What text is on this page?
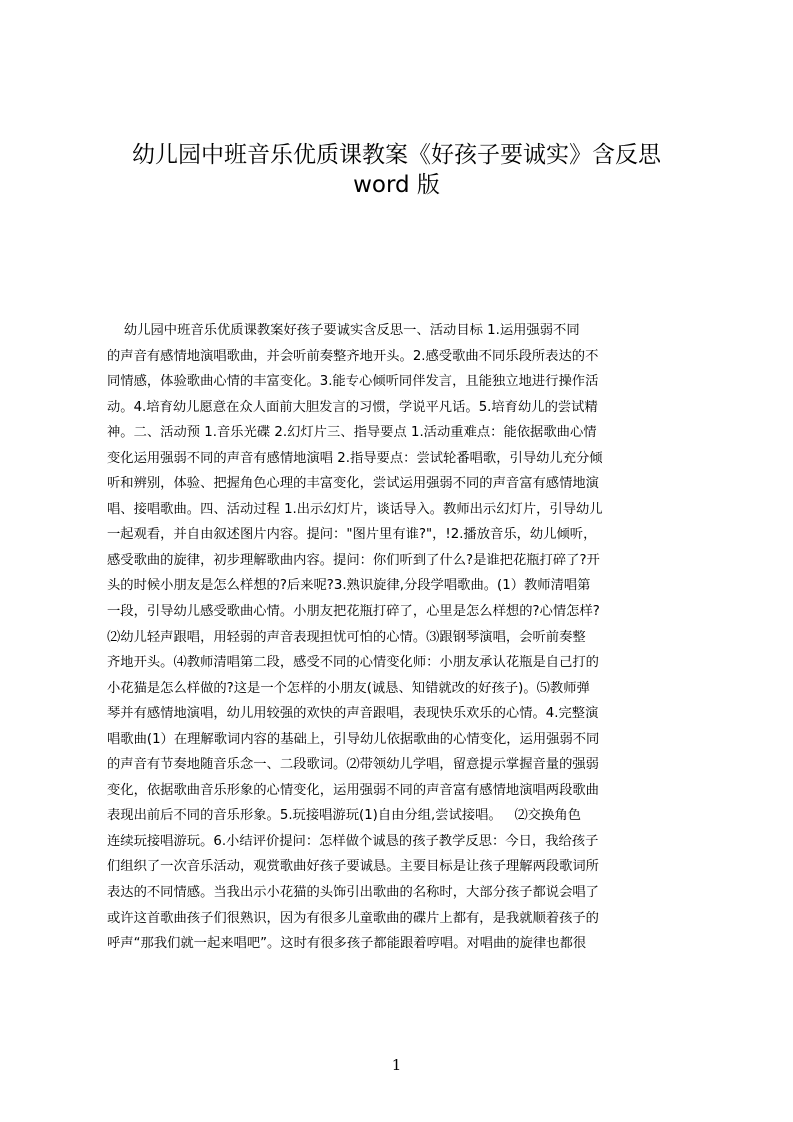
幼儿园中班音乐优质课教案《好孩子要诚实》含反思
word 版
幼儿园中班音乐优质课教案好孩子要诚实含反思一、活动目标 1.运用强弱不同
的声音有感情地演唱歌曲，并会听前奏整齐地开头。2.感受歌曲不同乐段所表达的不
同情感，体验歌曲心情的丰富变化。3.能专心倾听同伴发言，且能独立地进行操作活
动。4.培育幼儿愿意在众人面前大胆发言的习惯，学说平凡话。5.培育幼儿的尝试精
神。二、活动预 1.音乐光碟 2.幻灯片三、指导要点 1.活动重难点：能依据歌曲心情
变化运用强弱不同的声音有感情地演唱 2.指导要点：尝试轮番唱歌，引导幼儿充分倾
听和辨别，体验、把握角色心理的丰富变化，尝试运用强弱不同的声音富有感情地演
唱、接唱歌曲。四、活动过程 1.出示幻灯片，谈话导入。教师出示幻灯片，引导幼儿
一起观看，并自由叙述图片内容。提问："图片里有谁?"，!2.播放音乐，幼儿倾听，
感受歌曲的旋律，初步理解歌曲内容。提问：你们听到了什么?是谁把花瓶打碎了?开
头的时候小朋友是怎么样想的?后来呢?3.熟识旋律,分段学唱歌曲。(1）教师清唱第
一段，引导幼儿感受歌曲心情。小朋友把花瓶打碎了，心里是怎么样想的?心情怎样?
⑵幼儿轻声跟唱，用轻弱的声音表现担忧可怕的心情。⑶跟钢琴演唱，会听前奏整
齐地开头。⑷教师清唱第二段，感受不同的心情变化师：小朋友承认花瓶是自己打的
小花猫是怎么样做的?这是一个怎样的小朋友(诚恳、知错就改的好孩子)。⑸教师弹
琴并有感情地演唱，幼儿用较强的欢快的声音跟唱，表现快乐欢乐的心情。4.完整演
唱歌曲(1）在理解歌词内容的基础上，引导幼儿依据歌曲的心情变化，运用强弱不同
的声音有节奏地随音乐念一、二段歌词。⑵带领幼儿学唱，留意提示掌握音量的强弱
变化，依据歌曲音乐形象的心情变化，运用强弱不同的声音富有感情地演唱两段歌曲
表现出前后不同的音乐形象。5.玩接唱游玩(1)自由分组,尝试接唱。   ⑵交换角色
连续玩接唱游玩。6.小结评价提问：怎样做个诚恳的孩子教学反思：今日，我给孩子
们组织了一次音乐活动，观赏歌曲好孩子要诚恳。主要目标是让孩子理解两段歌词所
表达的不同情感。当我出示小花猫的头饰引出歌曲的名称时，大部分孩子都说会唱了
或许这首歌曲孩子们很熟识，因为有很多儿童歌曲的碟片上都有，是我就顺着孩子的
呼声“那我们就一起来唱吧”。这时有很多孩子都能跟着哼唱。对唱曲的旋律也都很
1
